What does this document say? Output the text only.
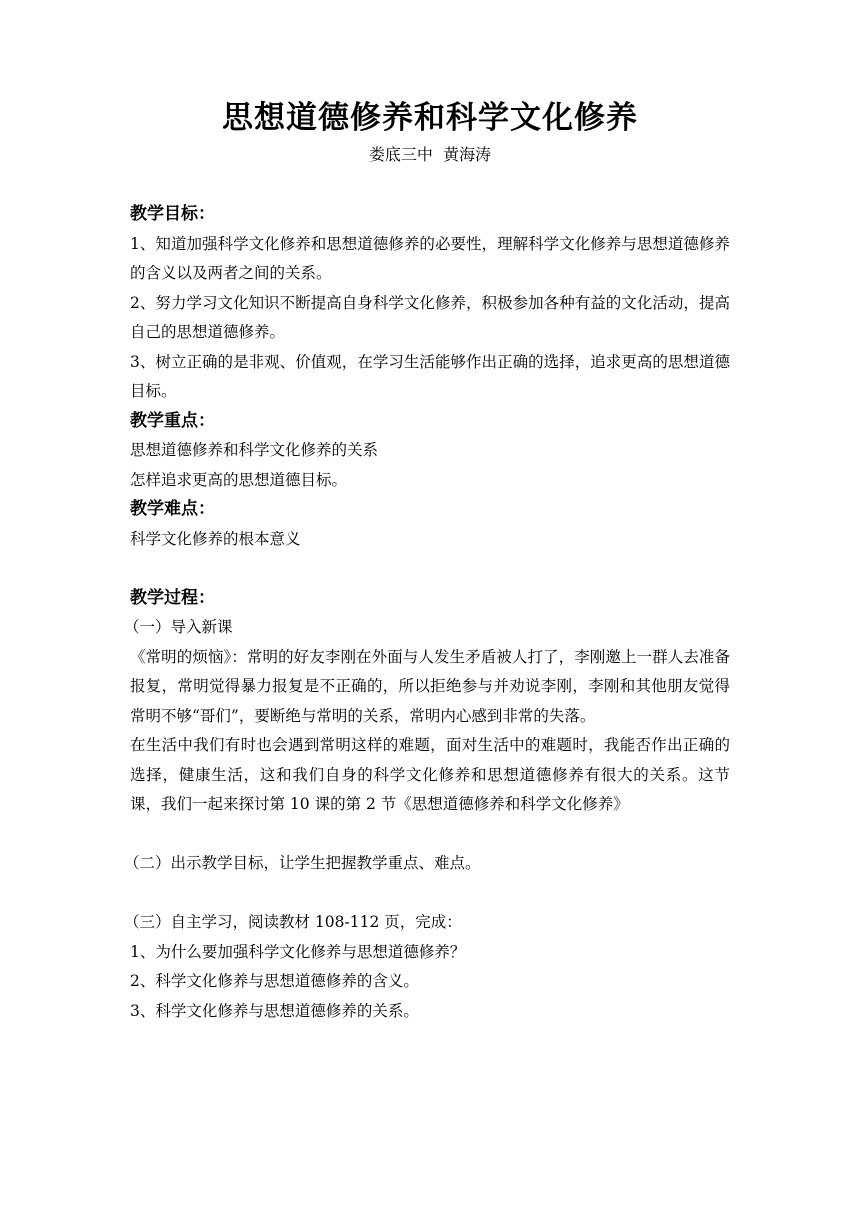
思想道德修养和科学文化修养
娄底三中  黄海涛
教学目标：
1、知道加强科学文化修养和思想道德修养的必要性，理解科学文化修养与思想道德修养的含义以及两者之间的关系。
2、努力学习文化知识不断提高自身科学文化修养，积极参加各种有益的文化活动，提高自己的思想道德修养。
3、树立正确的是非观、价值观，在学习生活能够作出正确的选择，追求更高的思想道德目标。
教学重点：
思想道德修养和科学文化修养的关系
怎样追求更高的思想道德目标。
教学难点：
科学文化修养的根本意义
教学过程：
（一）导入新课
《常明的烦恼》：常明的好友李刚在外面与人发生矛盾被人打了，李刚邀上一群人去准备报复，常明觉得暴力报复是不正确的，所以拒绝参与并劝说李刚，李刚和其他朋友觉得常明不够“哥们”，要断绝与常明的关系，常明内心感到非常的失落。
在生活中我们有时也会遇到常明这样的难题，面对生活中的难题时，我能否作出正确的选择，健康生活，这和我们自身的科学文化修养和思想道德修养有很大的关系。这节课，我们一起来探讨第 10 课的第 2 节《思想道德修养和科学文化修养》
（二）出示教学目标，让学生把握教学重点、难点。
（三）自主学习，阅读教材 108-112 页，完成：
1、为什么要加强科学文化修养与思想道德修养？
2、科学文化修养与思想道德修养的含义。
3、科学文化修养与思想道德修养的关系。
